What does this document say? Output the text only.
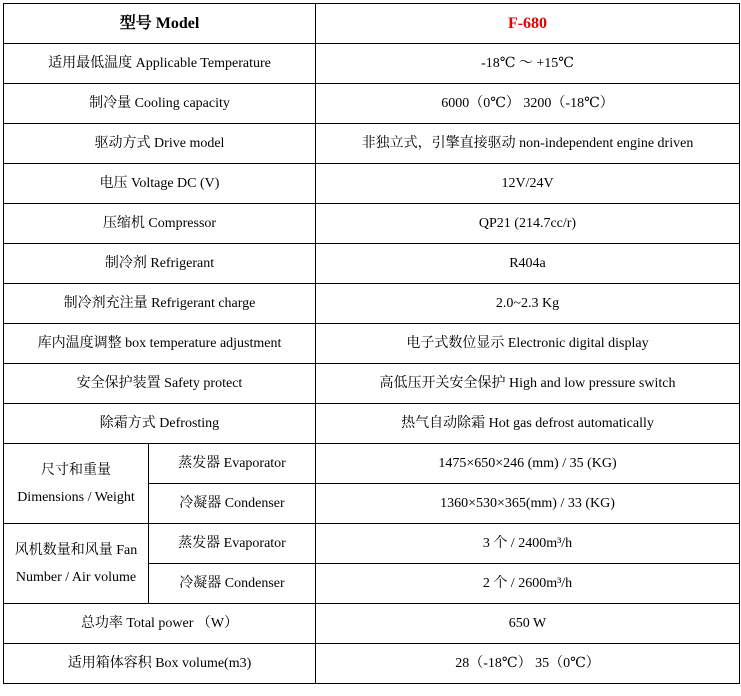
型号 Model		F-680
适用最低温度 Applicable Temperature		-18℃ ～ +15℃
制冷量 Cooling capacity		6000（0℃） 3200（-18℃）
驱动方式 Drive model		非独立式，引擎直接驱动 non-independent engine driven
电压 Voltage DC (V)		12V/24V
压缩机 Compressor		QP21 (214.7cc/r)
制冷剂 Refrigerant		R404a
制冷剂充注量 Refrigerant charge		2.0~2.3 Kg
库内温度调整 box temperature adjustment		电子式数位显示 Electronic digital display
安全保护装置 Safety protect		高低压开关安全保护 High and low pressure switch
除霜方式 Defrosting		热气自动除霜 Hot gas defrost automatically
尺寸和重量 Dimensions / Weight	蒸发器 Evaporator	1475×650×246 (mm) / 35 (KG)
	冷凝器 Condenser	1360×530×365(mm) / 33 (KG)
风机数量和风量 Fan Number / Air volume	蒸发器 Evaporator	3 个 / 2400m³/h
	冷凝器 Condenser	2 个 / 2600m³/h
总功率 Total power （W）		650 W
适用箱体容积 Box volume(m3)		28（-18℃） 35（0℃）
